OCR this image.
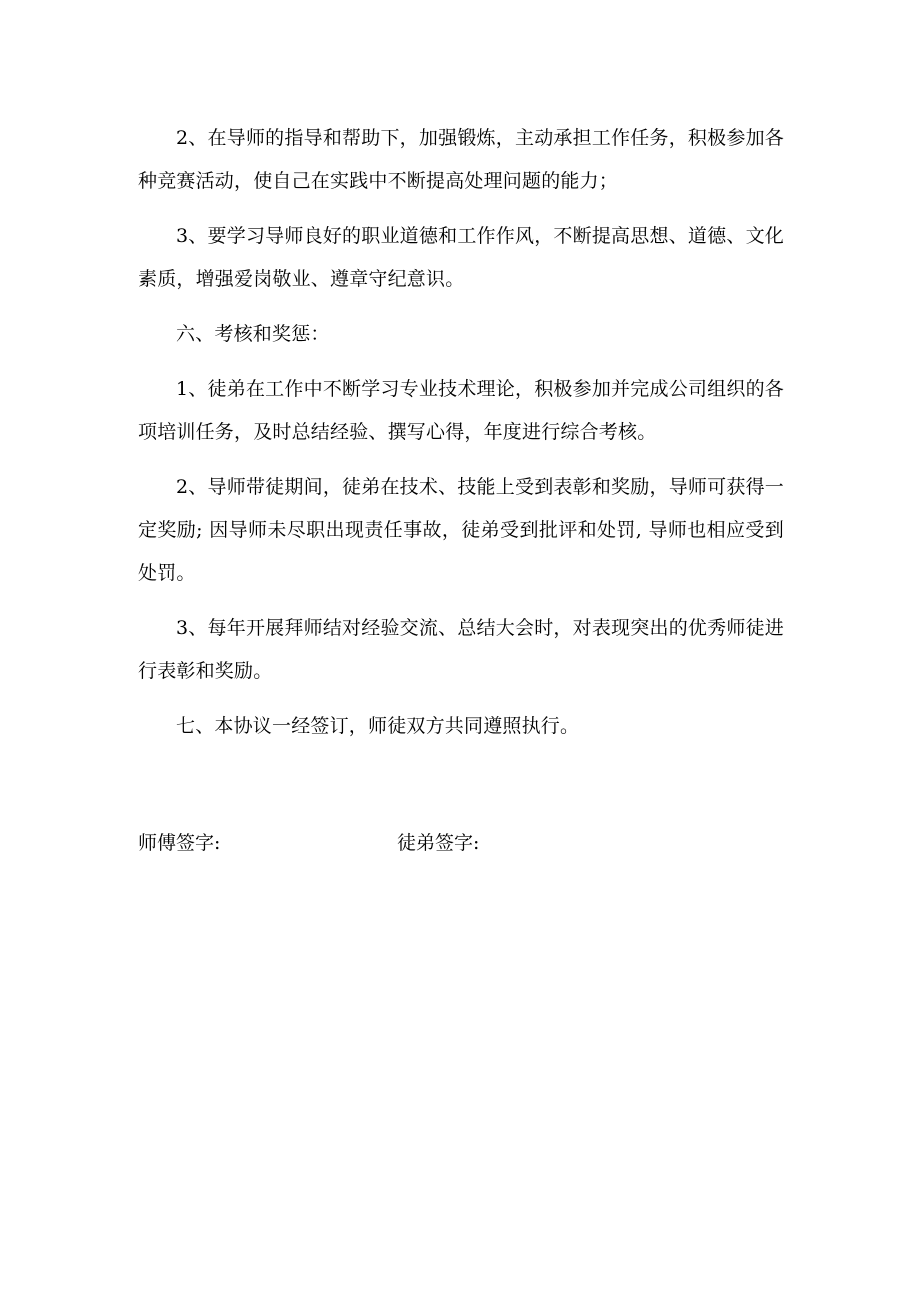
2、在导师的指导和帮助下，加强锻炼，主动承担工作任务，积极参加各种竞赛活动，使自己在实践中不断提高处理问题的能力；

3、要学习导师良好的职业道德和工作作风，不断提高思想、道德、文化素质，增强爱岗敬业、遵章守纪意识。

六、考核和奖惩：

1、徒弟在工作中不断学习专业技术理论，积极参加并完成公司组织的各项培训任务，及时总结经验、撰写心得，年度进行综合考核。

2、导师带徒期间，徒弟在技术、技能上受到表彰和奖励，导师可获得一定奖励; 因导师未尽职出现责任事故，徒弟受到批评和处罚, 导师也相应受到处罚。

3、每年开展拜师结对经验交流、总结大会时，对表现突出的优秀师徒进行表彰和奖励。

七、本协议一经签订，师徒双方共同遵照执行。

师傅签字:	徒弟签字:
